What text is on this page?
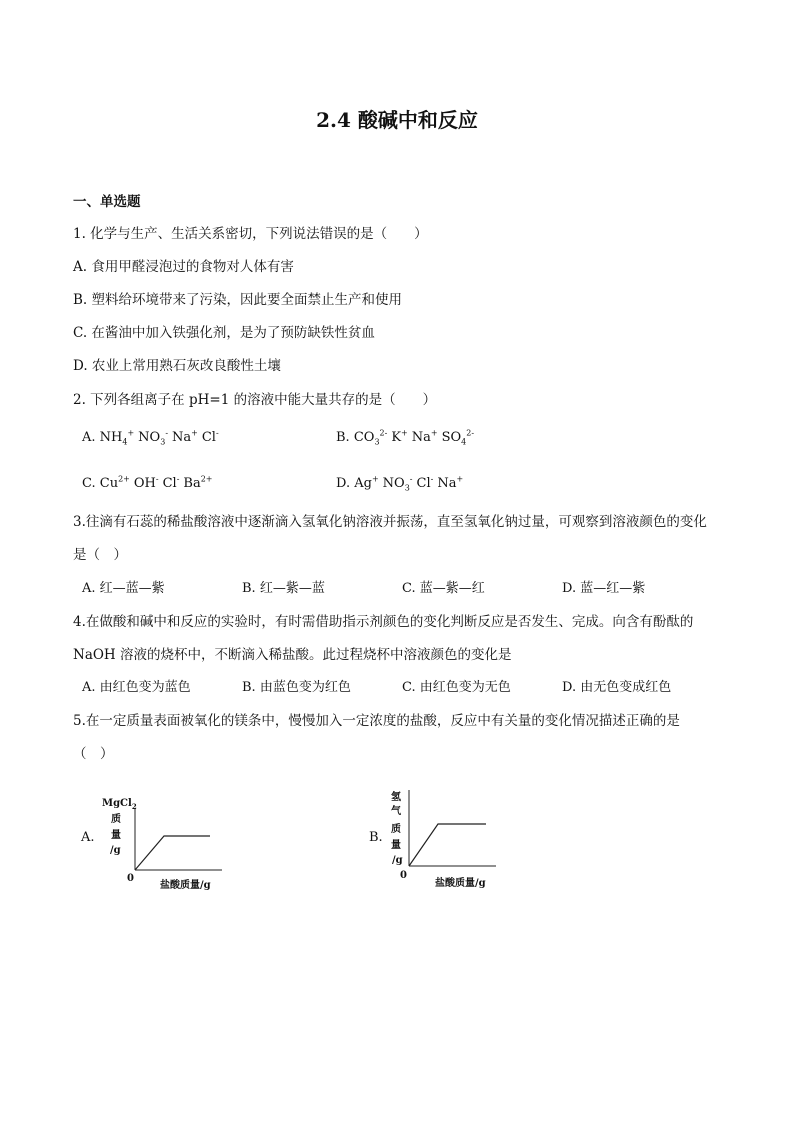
2.4 酸碱中和反应
一、单选题
1. 化学与生产、生活关系密切，下列说法错误的是（　　）
A. 食用甲醛浸泡过的食物对人体有害
B. 塑料给环境带来了污染，因此要全面禁止生产和使用
C. 在酱油中加入铁强化剂，是为了预防缺铁性贫血
D. 农业上常用熟石灰改良酸性土壤
2. 下列各组离子在 pH=1 的溶液中能大量共存的是（　　）
A. $NH_4^+$ $NO_3^-$ Na+ Cl-	B. $CO_3^{2-}$ K+ Na+ $SO_4^{2-}$
C. $Cu^{2+}$ OH- Cl- $Ba^{2+}$	D. Ag+ $NO_3^-$ Cl- Na+
3.往滴有石蕊的稀盐酸溶液中逐渐滴入氢氧化钠溶液并振荡，直至氢氧化钠过量，可观察到溶液颜色的变化
是（　）
A. 红—蓝—紫	B. 红—紫—蓝	C. 蓝—紫—红	D. 蓝—红—紫
4.在做酸和碱中和反应的实验时，有时需借助指示剂颜色的变化判断反应是否发生、完成。向含有酚酞的
NaOH 溶液的烧杯中，不断滴入稀盐酸。此过程烧杯中溶液颜色的变化是
A. 由红色变为蓝色	B. 由蓝色变为红色	C. 由红色变为无色	D. 由无色变成红色
5.在一定质量表面被氧化的镁条中，慢慢加入一定浓度的盐酸，反应中有关量的变化情况描述正确的是
（　）
A.
MgCl$_2$
质
量
/g
0
盐酸质量/g
B.
氢
气
质
量
/g
0
盐酸质量/g
